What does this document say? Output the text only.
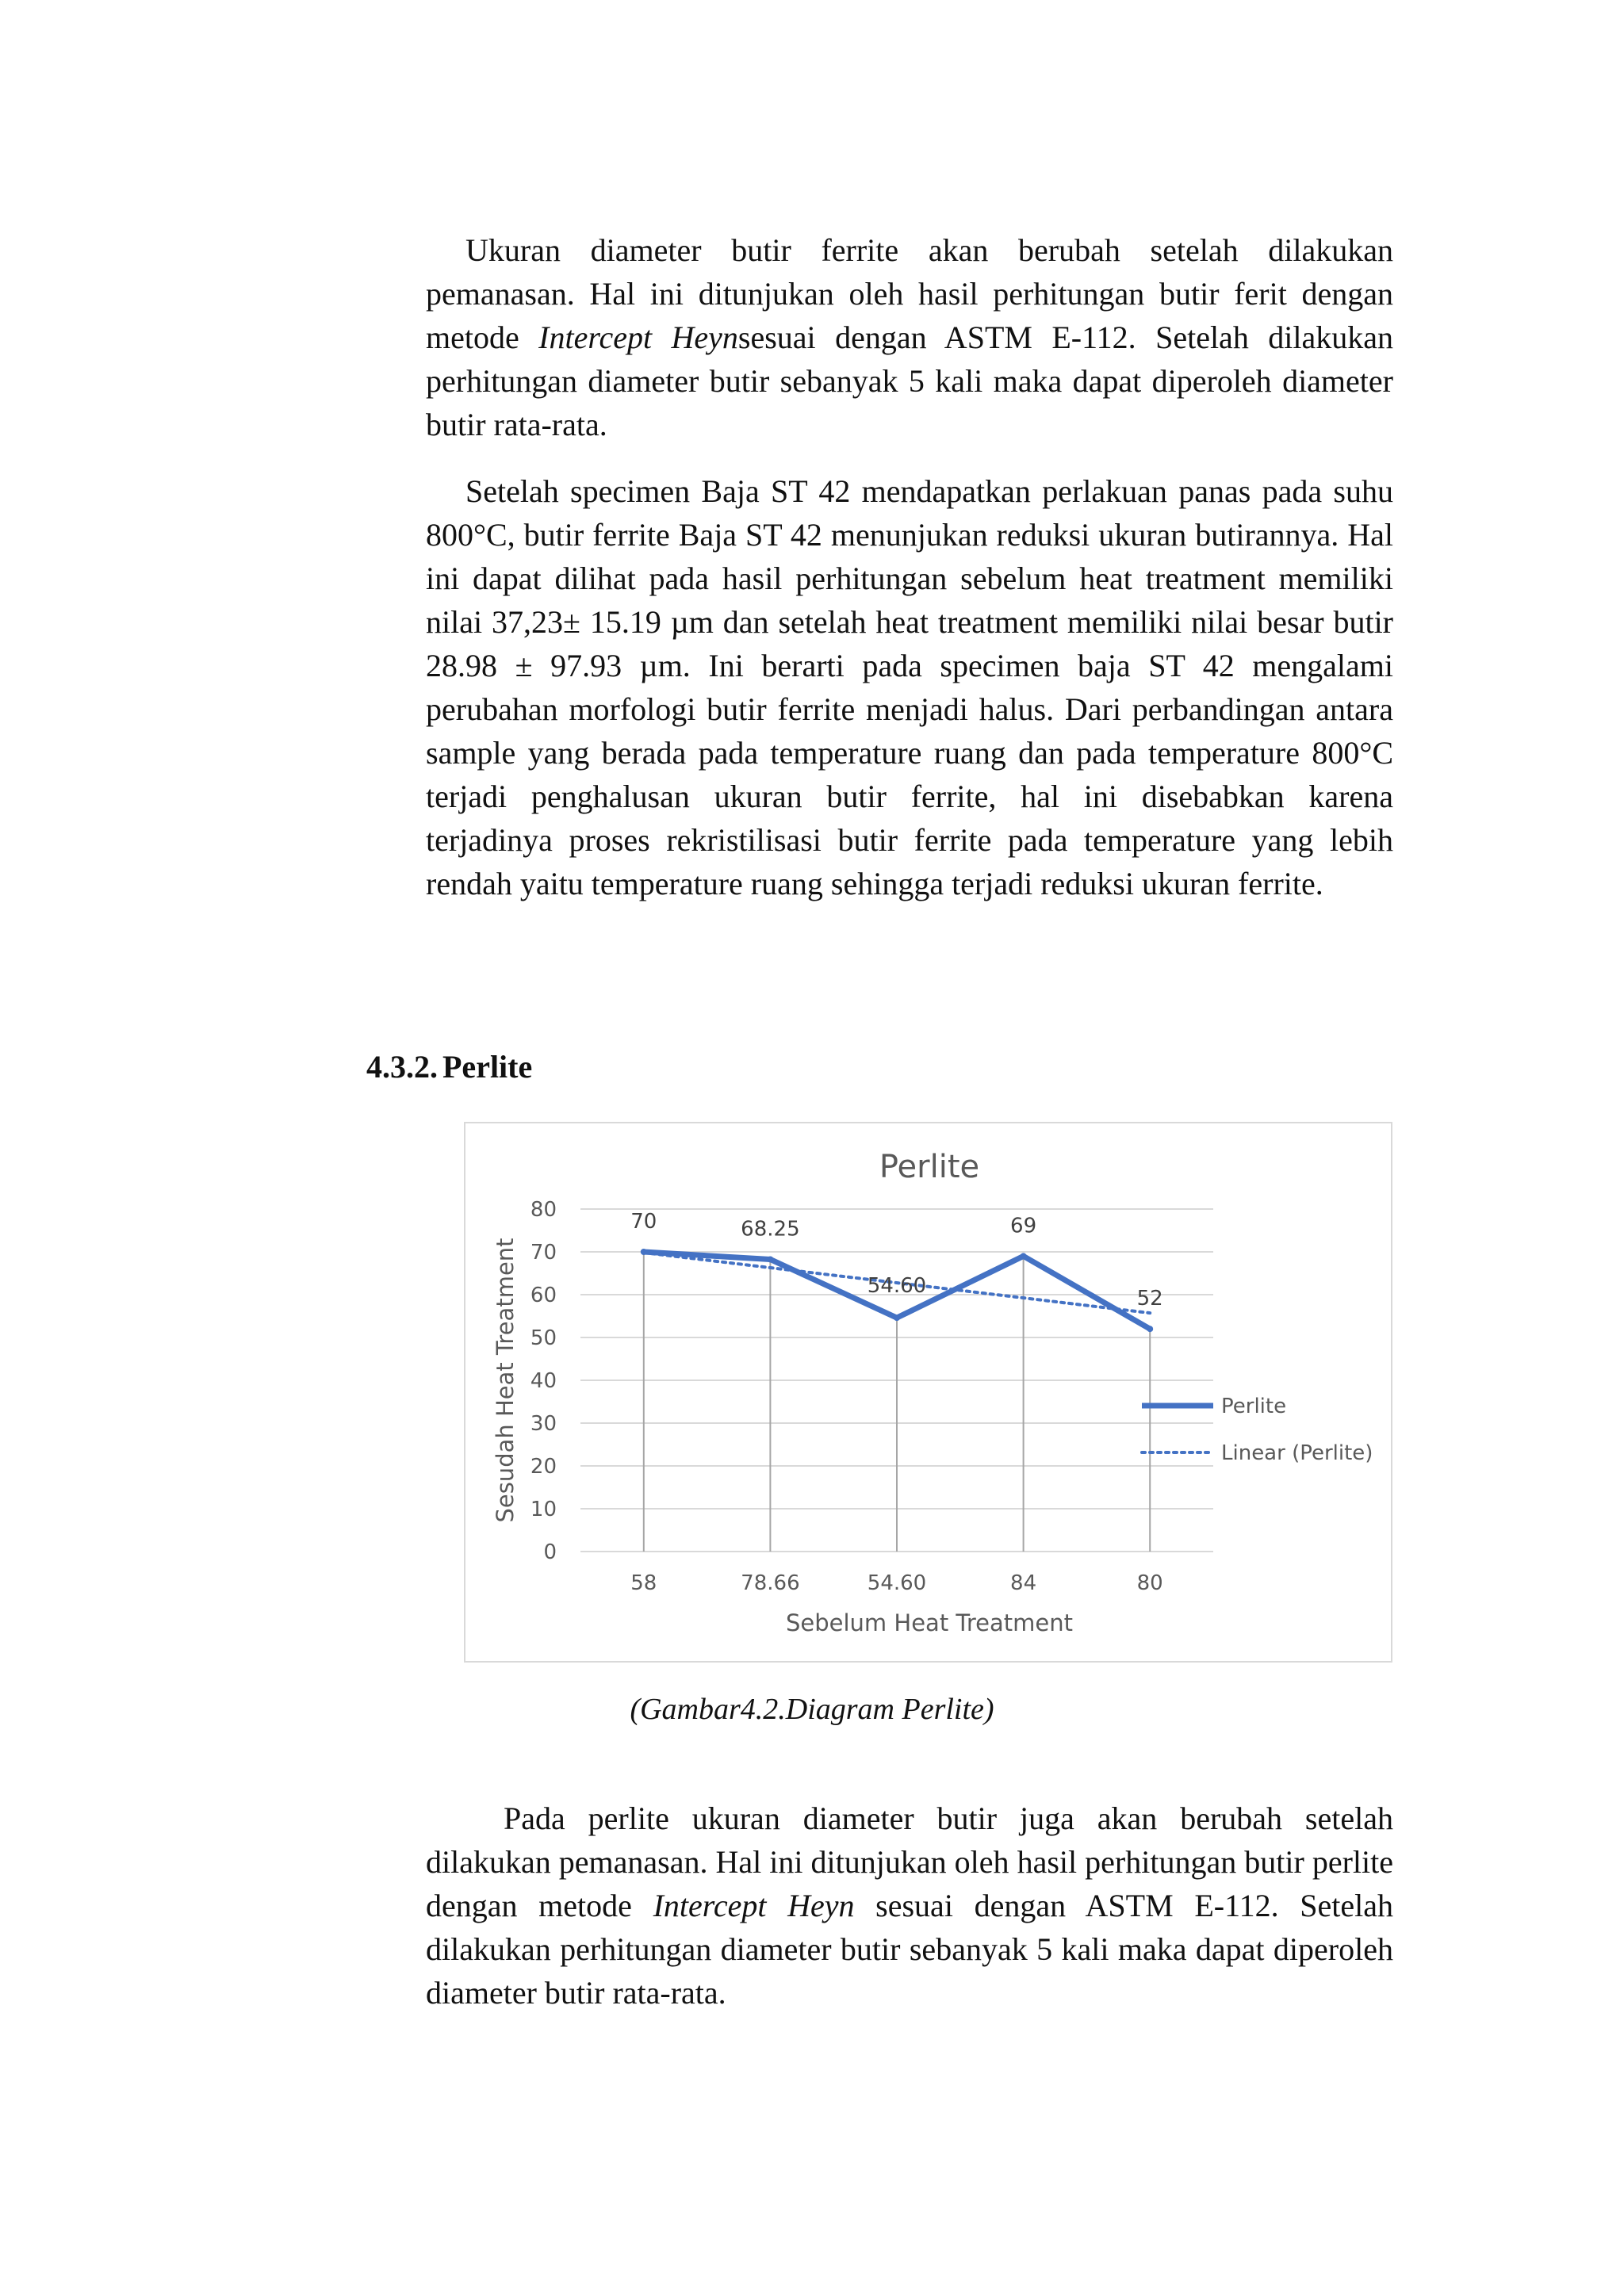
Ukuran diameter butir ferrite akan berubah setelah dilakukan pemanasan. Hal ini ditunjukan oleh hasil perhitungan butir ferit dengan metode Intercept Heynsesuai dengan ASTM E-112. Setelah dilakukan perhitungan diameter butir sebanyak 5 kali maka dapat diperoleh diameter butir rata-rata.

Setelah specimen Baja ST 42 mendapatkan perlakuan panas pada suhu 800°C, butir ferrite Baja ST 42 menunjukan reduksi ukuran butirannya. Hal ini dapat dilihat pada hasil perhitungan sebelum heat treatment memiliki nilai 37,23± 15.19 µm dan setelah heat treatment memiliki nilai besar butir 28.98 ± 97.93 µm. Ini berarti pada specimen baja ST 42 mengalami perubahan morfologi butir ferrite menjadi halus. Dari perbandingan antara sample yang berada pada temperature ruang dan pada temperature 800°C terjadi penghalusan ukuran butir ferrite, hal ini disebabkan karena terjadinya proses rekristilisasi butir ferrite pada temperature yang lebih rendah yaitu temperature ruang sehingga terjadi reduksi ukuran ferrite.

4.3.2. Perlite
0
10
20
30
40
50
60
70
80
58	78.66	54.60	84	80
70	68.25
54.60
69
52
Perlite
Sebelum Heat Treatment
Sesudah Heat Treatment	Perlite
Linear (Perlite)

(Gambar4.2.Diagram Perlite)

Pada perlite ukuran diameter butir juga akan berubah setelah dilakukan pemanasan. Hal ini ditunjukan oleh hasil perhitungan butir perlite dengan metode Intercept Heyn sesuai dengan ASTM E-112. Setelah dilakukan perhitungan diameter butir sebanyak 5 kali maka dapat diperoleh diameter butir rata-rata.
